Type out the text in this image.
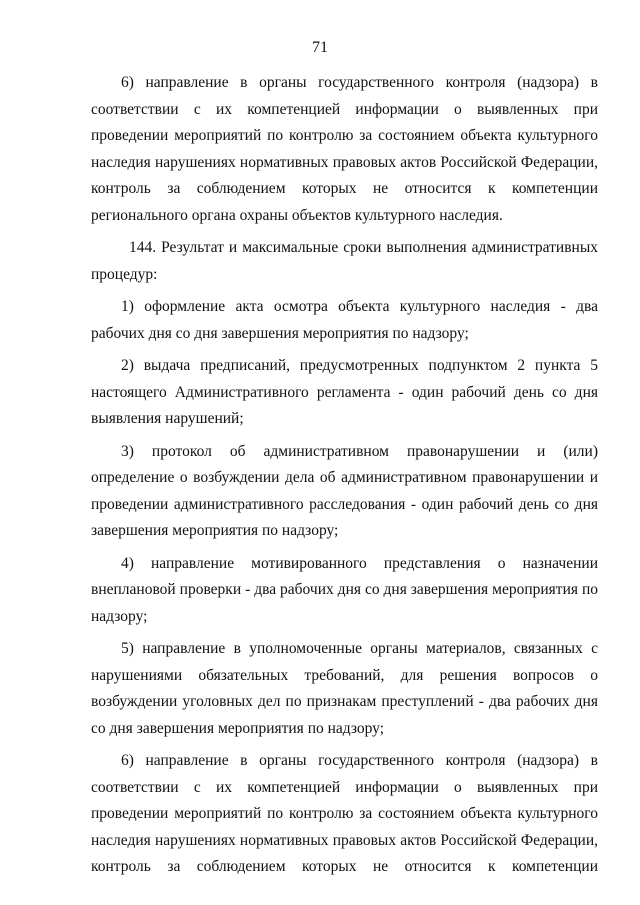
71

6) направление в органы государственного контроля (надзора) в соответствии с их компетенцией информации о выявленных при проведении мероприятий по контролю за состоянием объекта культурного наследия нарушениях нормативных правовых актов Российской Федерации, контроль за соблюдением которых не относится к компетенции регионального органа охраны объектов культурного наследия.

144. Результат и максимальные сроки выполнения административных процедур:

1) оформление акта осмотра объекта культурного наследия - два рабочих дня со дня завершения мероприятия по надзору;

2) выдача предписаний, предусмотренных подпунктом 2 пункта 5 настоящего Административного регламента - один рабочий день со дня выявления нарушений;

3) протокол об административном правонарушении и (или) определение о возбуждении дела об административном правонарушении и проведении административного расследования - один рабочий день со дня завершения мероприятия по надзору;

4) направление мотивированного представления о назначении внеплановой проверки - два рабочих дня со дня завершения мероприятия по надзору;

5) направление в уполномоченные органы материалов, связанных с нарушениями обязательных требований, для решения вопросов о возбуждении уголовных дел по признакам преступлений - два рабочих дня со дня завершения мероприятия по надзору;

6) направление в органы государственного контроля (надзора) в соответствии с их компетенцией информации о выявленных при проведении мероприятий по контролю за состоянием объекта культурного наследия нарушениях нормативных правовых актов Российской Федерации, контроль за соблюдением которых не относится к компетенции
